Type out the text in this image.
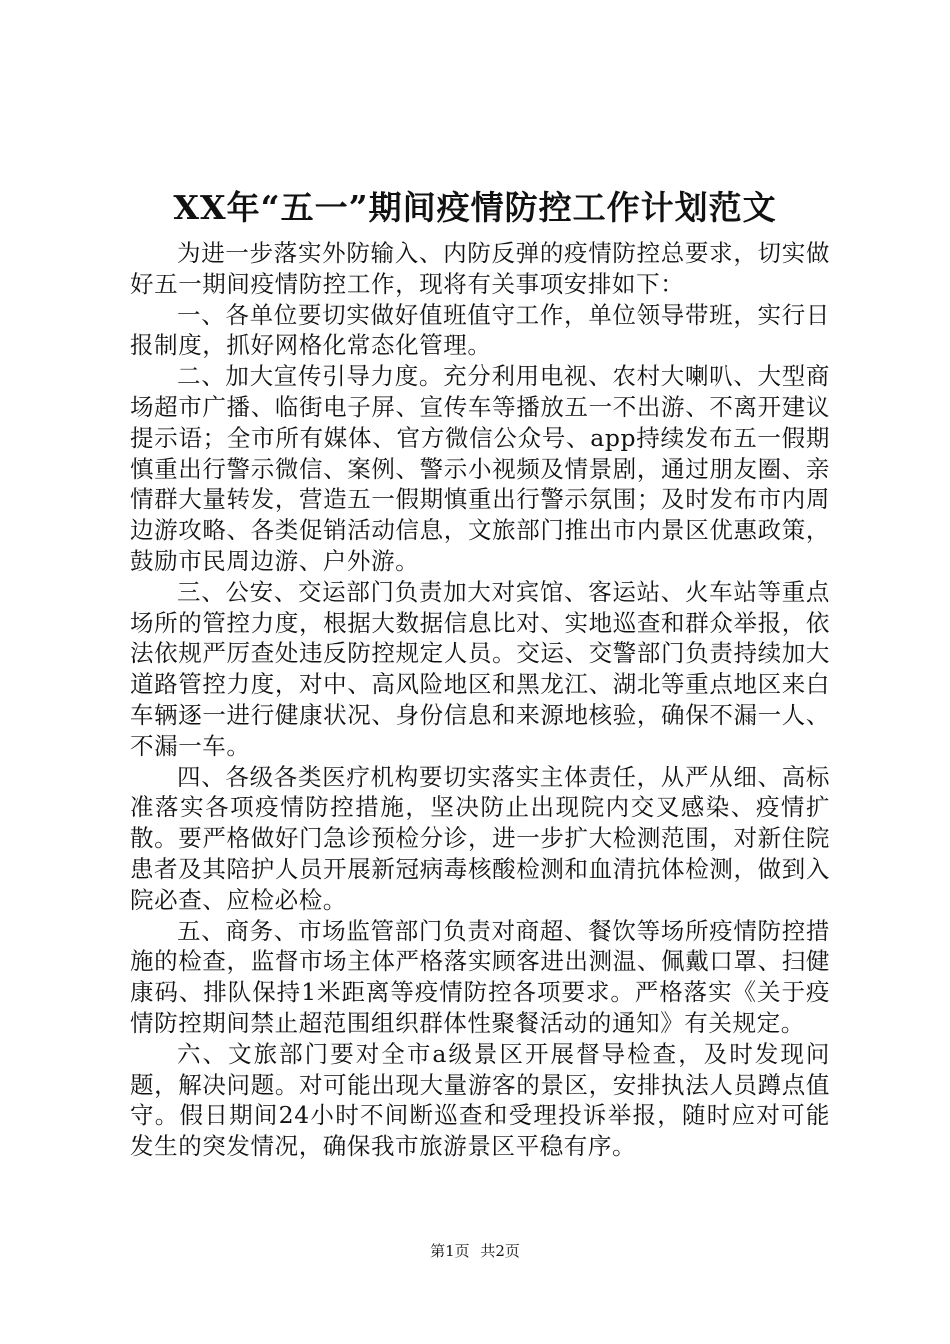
XX年“五一”期间疫情防控工作计划范文

为进一步落实外防输入、内防反弹的疫情防控总要求，切实做好五一期间疫情防控工作，现将有关事项安排如下：

一、各单位要切实做好值班值守工作，单位领导带班，实行日报制度，抓好网格化常态化管理。

二、加大宣传引导力度。充分利用电视、农村大喇叭、大型商场超市广播、临街电子屏、宣传车等播放五一不出游、不离开建议提示语；全市所有媒体、官方微信公众号、app持续发布五一假期慎重出行警示微信、案例、警示小视频及情景剧，通过朋友圈、亲情群大量转发，营造五一假期慎重出行警示氛围；及时发布市内周边游攻略、各类促销活动信息，文旅部门推出市内景区优惠政策，鼓励市民周边游、户外游。

三、公安、交运部门负责加大对宾馆、客运站、火车站等重点场所的管控力度，根据大数据信息比对、实地巡查和群众举报，依法依规严厉查处违反防控规定人员。交运、交警部门负责持续加大道路管控力度，对中、高风险地区和黑龙江、湖北等重点地区来白车辆逐一进行健康状况、身份信息和来源地核验，确保不漏一人、不漏一车。

四、各级各类医疗机构要切实落实主体责任，从严从细、高标准落实各项疫情防控措施，坚决防止出现院内交叉感染、疫情扩散。要严格做好门急诊预检分诊，进一步扩大检测范围，对新住院患者及其陪护人员开展新冠病毒核酸检测和血清抗体检测，做到入院必查、应检必检。

五、商务、市场监管部门负责对商超、餐饮等场所疫情防控措施的检查，监督市场主体严格落实顾客进出测温、佩戴口罩、扫健康码、排队保持1米距离等疫情防控各项要求。严格落实《关于疫情防控期间禁止超范围组织群体性聚餐活动的通知》有关规定。

六、文旅部门要对全市a级景区开展督导检查，及时发现问题，解决问题。对可能出现大量游客的景区，安排执法人员蹲点值守。假日期间24小时不间断巡查和受理投诉举报，随时应对可能发生的突发情况，确保我市旅游景区平稳有序。

第1页 共2页
